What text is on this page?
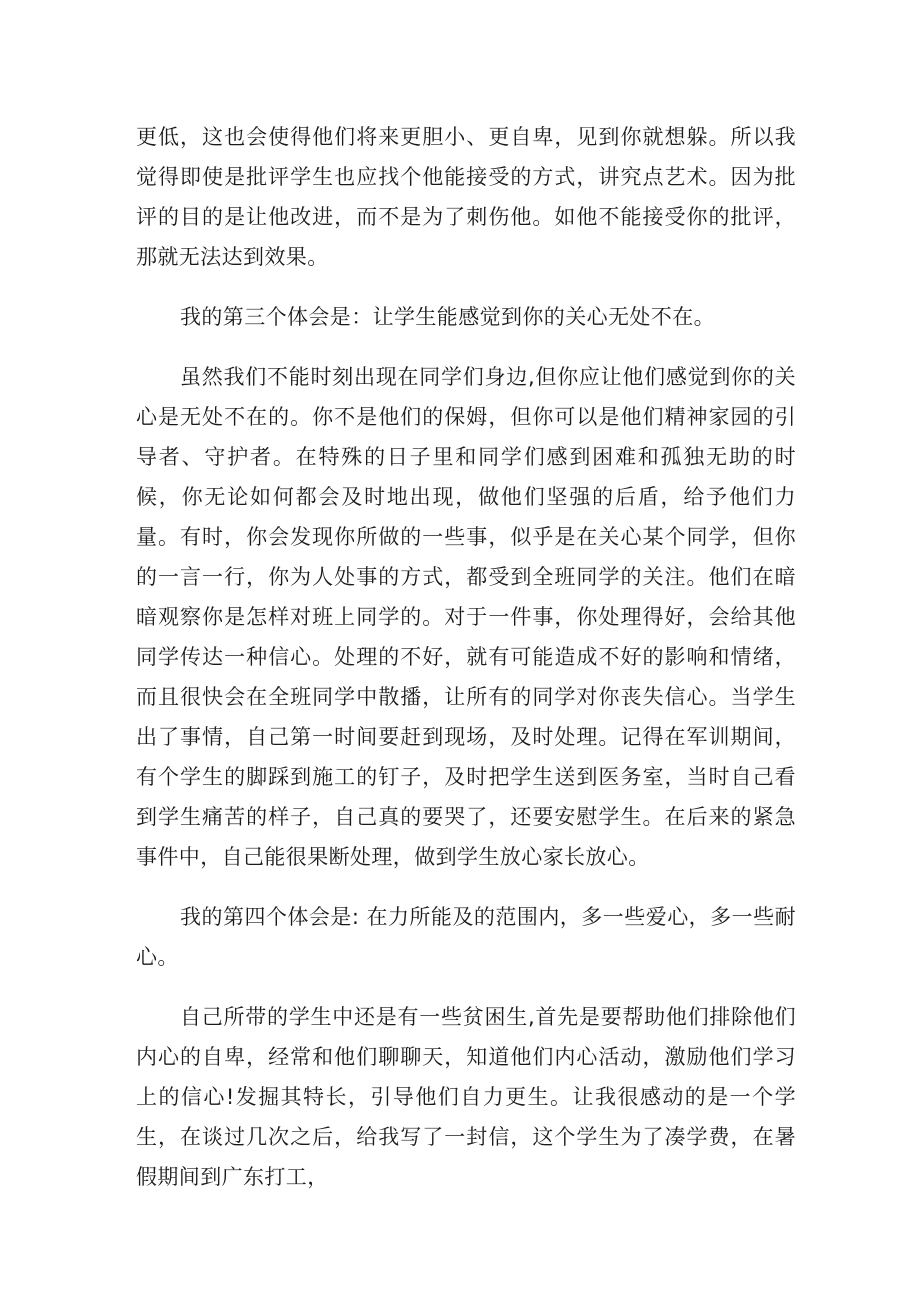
更低，这也会使得他们将来更胆小、更自卑，见到你就想躲。所以我觉得即使是批评学生也应找个他能接受的方式，讲究点艺术。因为批评的目的是让他改进，而不是为了刺伤他。如他不能接受你的批评，那就无法达到效果。

我的第三个体会是：让学生能感觉到你的关心无处不在。

虽然我们不能时刻出现在同学们身边,但你应让他们感觉到你的关心是无处不在的。你不是他们的保姆，但你可以是他们精神家园的引导者、守护者。在特殊的日子里和同学们感到困难和孤独无助的时候，你无论如何都会及时地出现，做他们坚强的后盾，给予他们力量。有时，你会发现你所做的一些事，似乎是在关心某个同学，但你的一言一行，你为人处事的方式，都受到全班同学的关注。他们在暗暗观察你是怎样对班上同学的。对于一件事，你处理得好，会给其他同学传达一种信心。处理的不好，就有可能造成不好的影响和情绪，而且很快会在全班同学中散播，让所有的同学对你丧失信心。当学生出了事情，自己第一时间要赶到现场，及时处理。记得在军训期间，有个学生的脚踩到施工的钉子，及时把学生送到医务室，当时自己看到学生痛苦的样子，自己真的要哭了，还要安慰学生。在后来的紧急事件中，自己能很果断处理，做到学生放心家长放心。

我的第四个体会是: 在力所能及的范围内，多一些爱心，多一些耐心。

自己所带的学生中还是有一些贫困生,首先是要帮助他们排除他们内心的自卑，经常和他们聊聊天，知道他们内心活动，激励他们学习上的信心!发掘其特长，引导他们自力更生。让我很感动的是一个学生，在谈过几次之后，给我写了一封信，这个学生为了凑学费，在暑假期间到广东打工，
